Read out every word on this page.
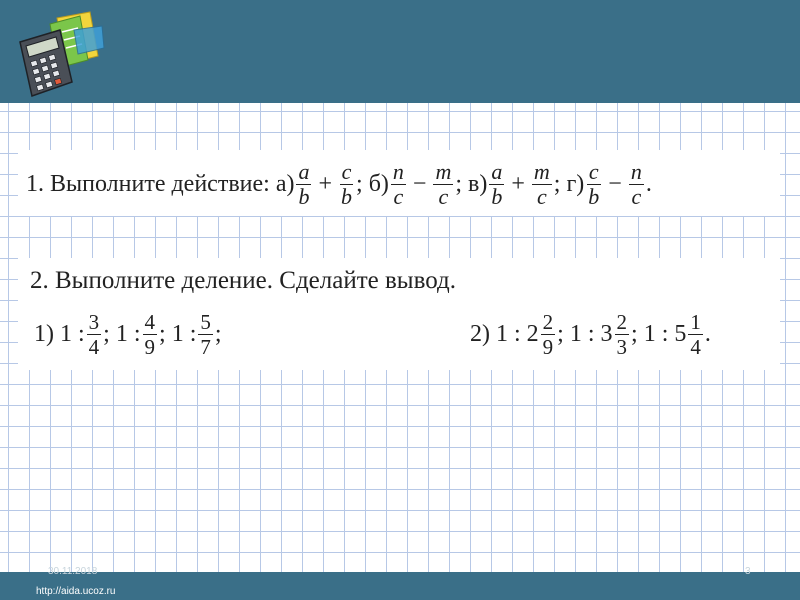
1. Выполните действие: $а) \frac{a}{b} + \frac{c}{b}$ ; $б) \frac{n}{c} - \frac{m}{c}$ ; $в) \frac{a}{b} + \frac{m}{c}$ ; $г) \frac{c}{b} - \frac{n}{c}$ .
2. Выполните деление. Сделайте вывод.
1) 1 : $\frac{3}{4}$ ; 1 : $\frac{4}{9}$ ; 1 : $\frac{5}{7}$ ;	2) 1 : $2 \frac{2}{9}$ ; 1 : $3 \frac{2}{3}$ ; 1 : $5 \frac{1}{4}$ .
30.11.2018	3
http://aida.ucoz.ru
